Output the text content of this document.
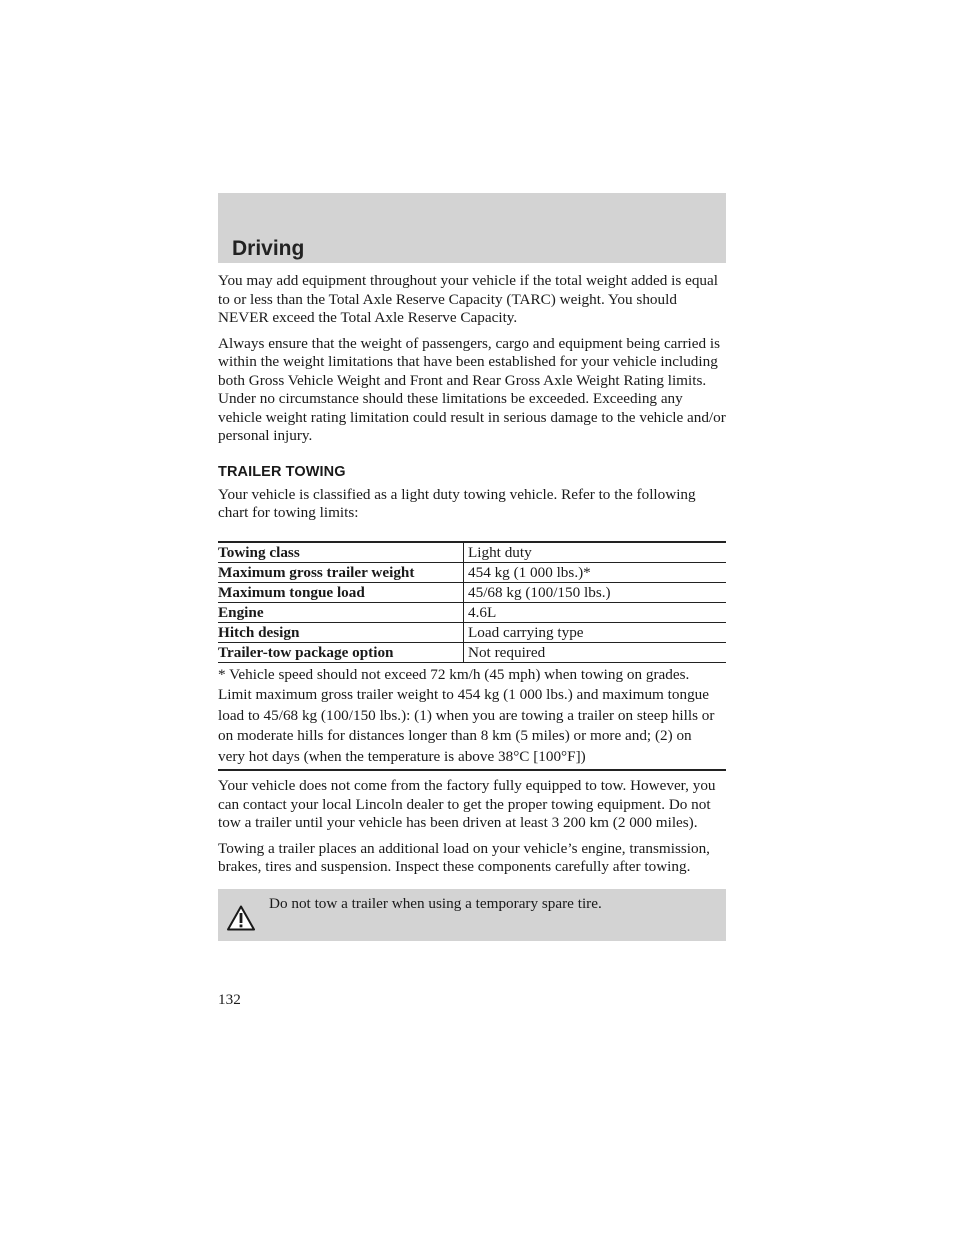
Driving

You may add equipment throughout your vehicle if the total weight added is equal to or less than the Total Axle Reserve Capacity (TARC) weight. You should NEVER exceed the Total Axle Reserve Capacity.

Always ensure that the weight of passengers, cargo and equipment being carried is within the weight limitations that have been established for your vehicle including both Gross Vehicle Weight and Front and Rear Gross Axle Weight Rating limits. Under no circumstance should these limitations be exceeded. Exceeding any vehicle weight rating limitation could result in serious damage to the vehicle and/or personal injury.

TRAILER TOWING

Your vehicle is classified as a light duty towing vehicle. Refer to the following chart for towing limits:

Towing class	Light duty
Maximum gross trailer weight	454 kg (1 000 lbs.)*
Maximum tongue load	45/68 kg (100/150 lbs.)
Engine	4.6L
Hitch design	Load carrying type
Trailer-tow package option	Not required
* Vehicle speed should not exceed 72 km/h (45 mph) when towing on grades. Limit maximum gross trailer weight to 454 kg (1 000 lbs.) and maximum tongue load to 45/68 kg (100/150 lbs.): (1) when you are towing a trailer on steep hills or on moderate hills for distances longer than 8 km (5 miles) or more and; (2) on very hot days (when the temperature is above 38°C [100°F])	

Your vehicle does not come from the factory fully equipped to tow. However, you can contact your local Lincoln dealer to get the proper towing equipment. Do not tow a trailer until your vehicle has been driven at least 3 200 km (2 000 miles).

Towing a trailer places an additional load on your vehicle’s engine, transmission, brakes, tires and suspension. Inspect these components carefully after towing.

Do not tow a trailer when using a temporary spare tire.
132
